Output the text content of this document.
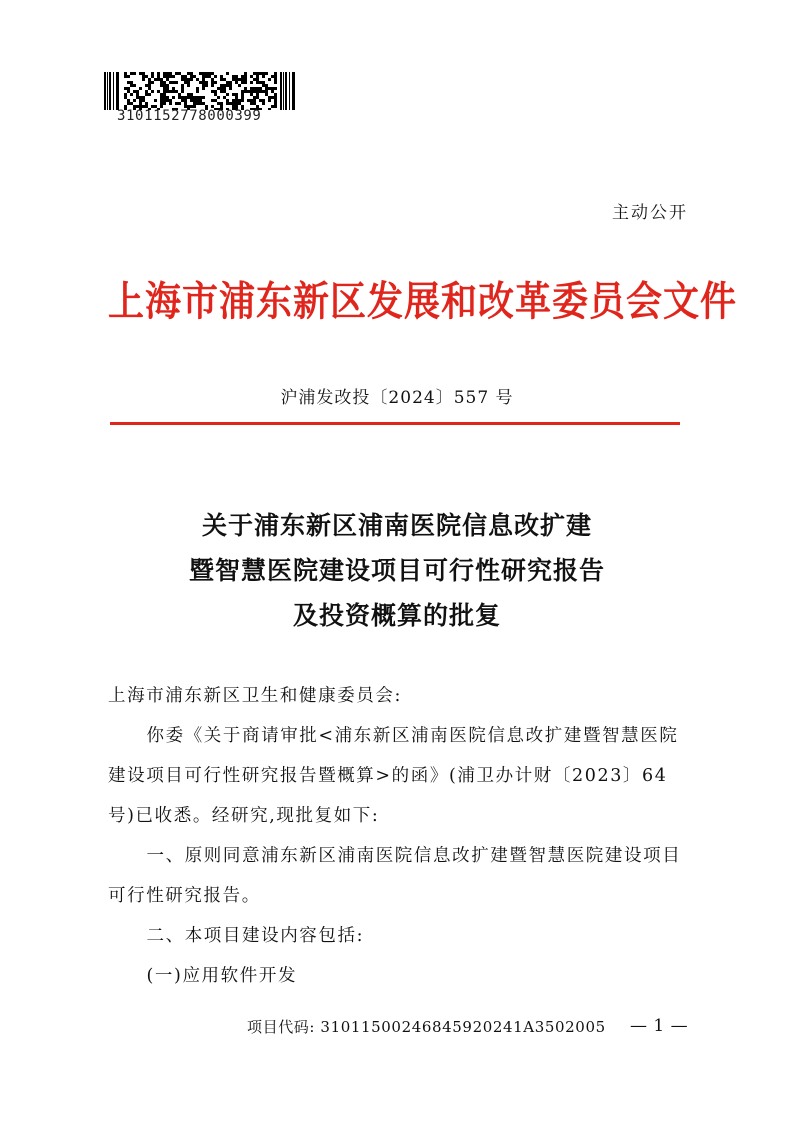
3101152778000399
主动公开
上海市浦东新区发展和改革委员会文件
沪浦发改投〔2024〕557 号
关于浦东新区浦南医院信息改扩建
暨智慧医院建设项目可行性研究报告
及投资概算的批复

上海市浦东新区卫生和健康委员会:

你委《关于商请审批<浦东新区浦南医院信息改扩建暨智慧医院建设项目可行性研究报告暨概算>的函》(浦卫办计财〔2023〕64 号)已收悉。经研究,现批复如下:

一、原则同意浦东新区浦南医院信息改扩建暨智慧医院建设项目可行性研究报告。

二、本项目建设内容包括:

(一)应用软件开发

项目代码: 31011500246845920241A3502005 — 1 —
